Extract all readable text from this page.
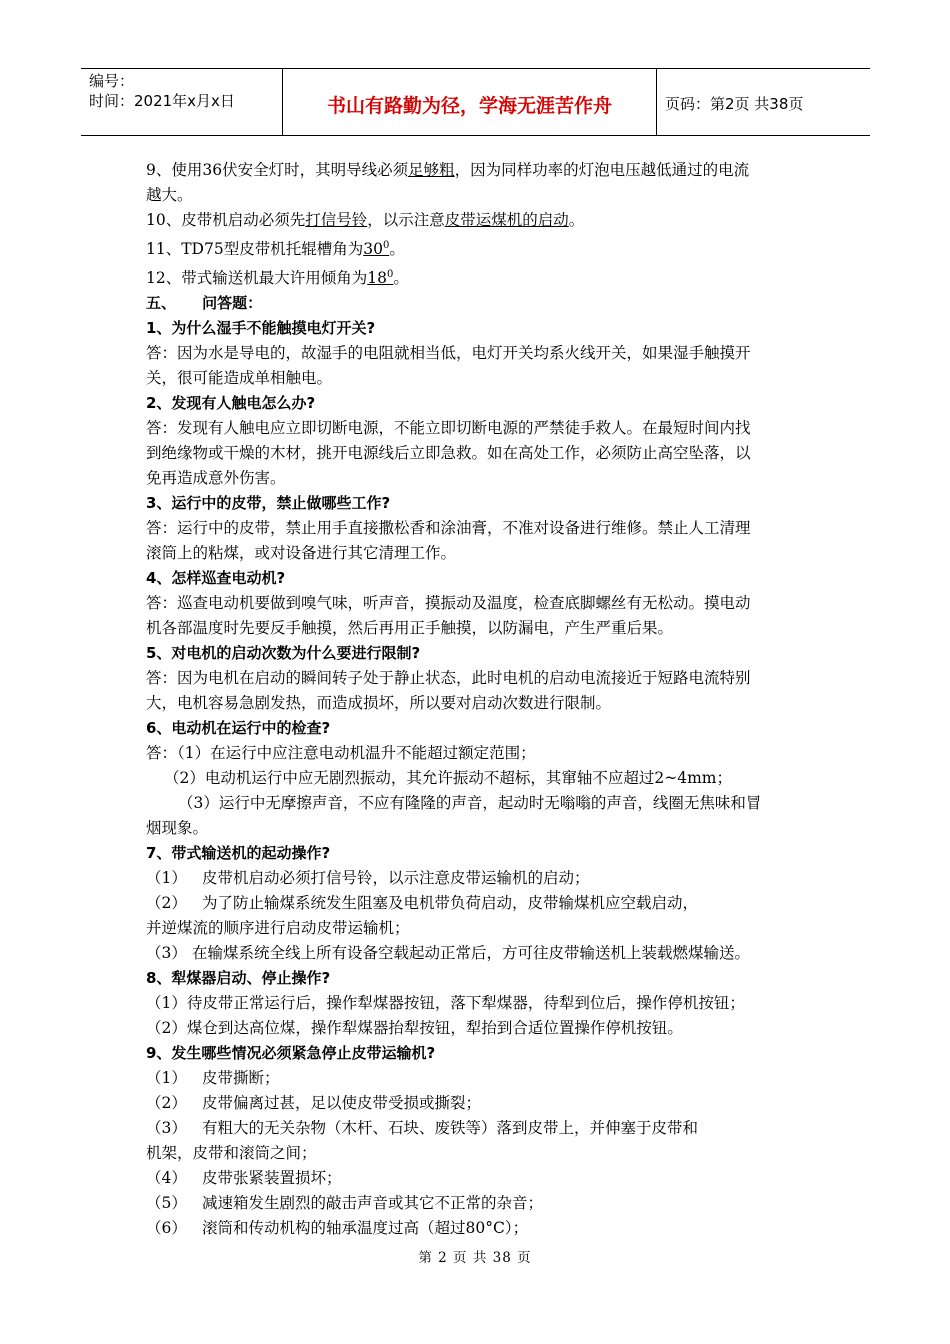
编号：
时间：2021年x月x日	书山有路勤为径，学海无涯苦作舟	页码：第2页 共38页

9、使用36伏安全灯时，其明导线必须足够粗，因为同样功率的灯泡电压越低通过的电流

越大。

10、皮带机启动必须先打信号铃，以示注意皮带运煤机的启动。

11、TD75型皮带机托辊槽角为$30^0$。

12、带式输送机最大许用倾角为$18^0$。

五、     问答题：

1、为什么湿手不能触摸电灯开关?

答：因为水是导电的，故湿手的电阻就相当低，电灯开关均系火线开关，如果湿手触摸开

关，很可能造成单相触电。

2、发现有人触电怎么办?

答：发现有人触电应立即切断电源，不能立即切断电源的严禁徒手救人。在最短时间内找

到绝缘物或干燥的木材，挑开电源线后立即急救。如在高处工作，必须防止高空坠落，以

免再造成意外伤害。

3、运行中的皮带，禁止做哪些工作?

答：运行中的皮带，禁止用手直接撒松香和涂油膏，不准对设备进行维修。禁止人工清理

滚筒上的粘煤，或对设备进行其它清理工作。

4、怎样巡查电动机?

答：巡查电动机要做到嗅气味，听声音，摸振动及温度，检查底脚螺丝有无松动。摸电动

机各部温度时先要反手触摸，然后再用正手触摸，以防漏电，产生严重后果。

5、对电机的启动次数为什么要进行限制?

答：因为电机在启动的瞬间转子处于静止状态，此时电机的启动电流接近于短路电流特别

大，电机容易急剧发热，而造成损坏，所以要对启动次数进行限制。

6、电动机在运行中的检查?

答：（1）在运行中应注意电动机温升不能超过额定范围；

（2）电动机运行中应无剧烈振动，其允许振动不超标，其窜轴不应超过2~4mm；

（3）运行中无摩擦声音，不应有隆隆的声音，起动时无嗡嗡的声音，线圈无焦味和冒

烟现象。

7、带式输送机的起动操作?

（1） 皮带机启动必须打信号铃，以示注意皮带运输机的启动；

（2） 为了防止输煤系统发生阻塞及电机带负荷启动，皮带输煤机应空载启动，

并逆煤流的顺序进行启动皮带运输机；

（3） 在输煤系统全线上所有设备空载起动正常后，方可往皮带输送机上装载燃煤输送。

8、犁煤器启动、停止操作?

（1）待皮带正常运行后，操作犁煤器按钮，落下犁煤器，待犁到位后，操作停机按钮；

（2）煤仓到达高位煤，操作犁煤器抬犁按钮，犁抬到合适位置操作停机按钮。

9、发生哪些情况必须紧急停止皮带运输机?

（1） 皮带撕断；

（2） 皮带偏离过甚，足以使皮带受损或撕裂；

（3） 有粗大的无关杂物（木杆、石块、废铁等）落到皮带上，并伸塞于皮带和

机架，皮带和滚筒之间；

（4） 皮带张紧装置损坏；

（5） 减速箱发生剧烈的敲击声音或其它不正常的杂音；

（6） 滚筒和传动机构的轴承温度过高（超过80°C）；

第 2 页 共 38 页
